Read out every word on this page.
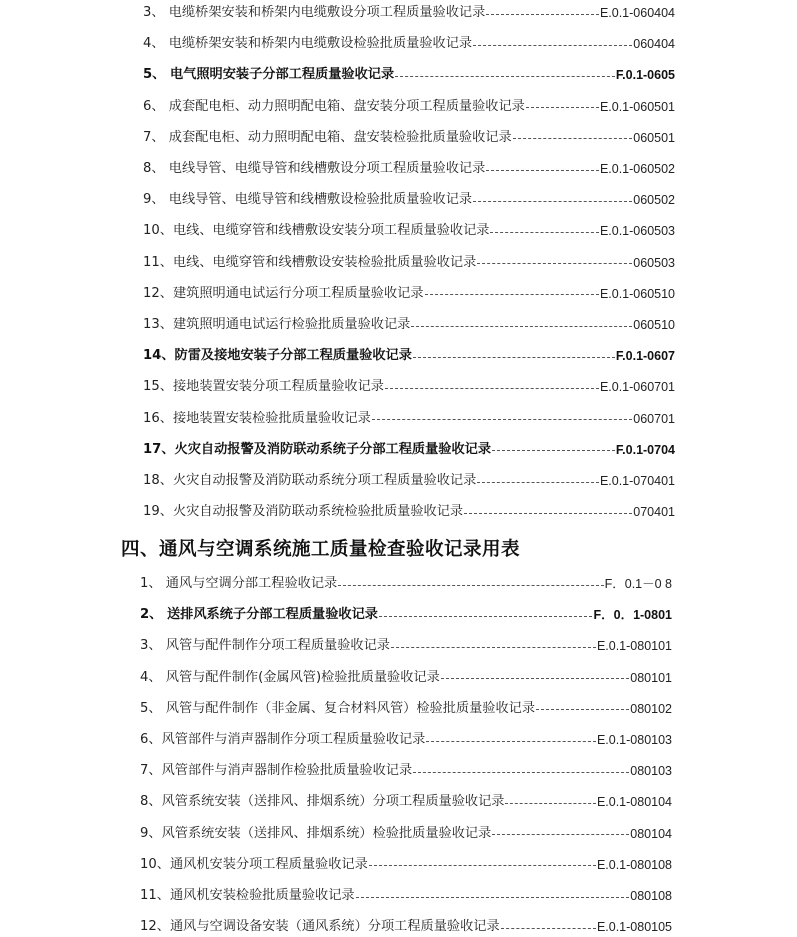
四、通风与空调系统施工质量检查验收记录用表
3、 电缆桥架安装和桥架内电缆敷设分项工程质量验收记录	E.0.1-060404
4、 电缆桥架安装和桥架内电缆敷设检验批质量验收记录	060404
5、 电气照明安装子分部工程质量验收记录	F.0.1-0605
6、 成套配电柜、动力照明配电箱、盘安装分项工程质量验收记录	E.0.1-060501
7、 成套配电柜、动力照明配电箱、盘安装检验批质量验收记录	060501
8、 电线导管、电缆导管和线槽敷设分项工程质量验收记录	E.0.1-060502
9、 电线导管、电缆导管和线槽敷设检验批质量验收记录	060502
10、电线、电缆穿管和线槽敷设安装分项工程质量验收记录	E.0.1-060503
11、电线、电缆穿管和线槽敷设安装检验批质量验收记录	060503
12、建筑照明通电试运行分项工程质量验收记录	E.0.1-060510
13、建筑照明通电试运行检验批质量验收记录	060510
14、防雷及接地安装子分部工程质量验收记录	F.0.1-0607
15、接地装置安装分项工程质量验收记录	E.0.1-060701
16、接地装置安装检验批质量验收记录	060701
17、火灾自动报警及消防联动系统子分部工程质量验收记录	F.0.1-0704
18、火灾自动报警及消防联动系统分项工程质量验收记录	E.0.1-070401
19、火灾自动报警及消防联动系统检验批质量验收记录	070401
1、 通风与空调分部工程验收记录	F．0.1－0 8
2、 送排风系统子分部工程质量验收记录	F．0．1-0801
3、 风管与配件制作分项工程质量验收记录	E.0.1-080101
4、 风管与配件制作(金属风管)检验批质量验收记录	080101
5、 风管与配件制作（非金属、复合材料风管）检验批质量验收记录	080102
6、风管部件与消声器制作分项工程质量验收记录	E.0.1-080103
7、风管部件与消声器制作检验批质量验收记录	080103
8、风管系统安装（送排风、排烟系统）分项工程质量验收记录	E.0.1-080104
9、风管系统安装（送排风、排烟系统）检验批质量验收记录	080104
10、通风机安装分项工程质量验收记录	E.0.1-080108
11、通风机安装检验批质量验收记录	080108
12、通风与空调设备安装（通风系统）分项工程质量验收记录	E.0.1-080105
